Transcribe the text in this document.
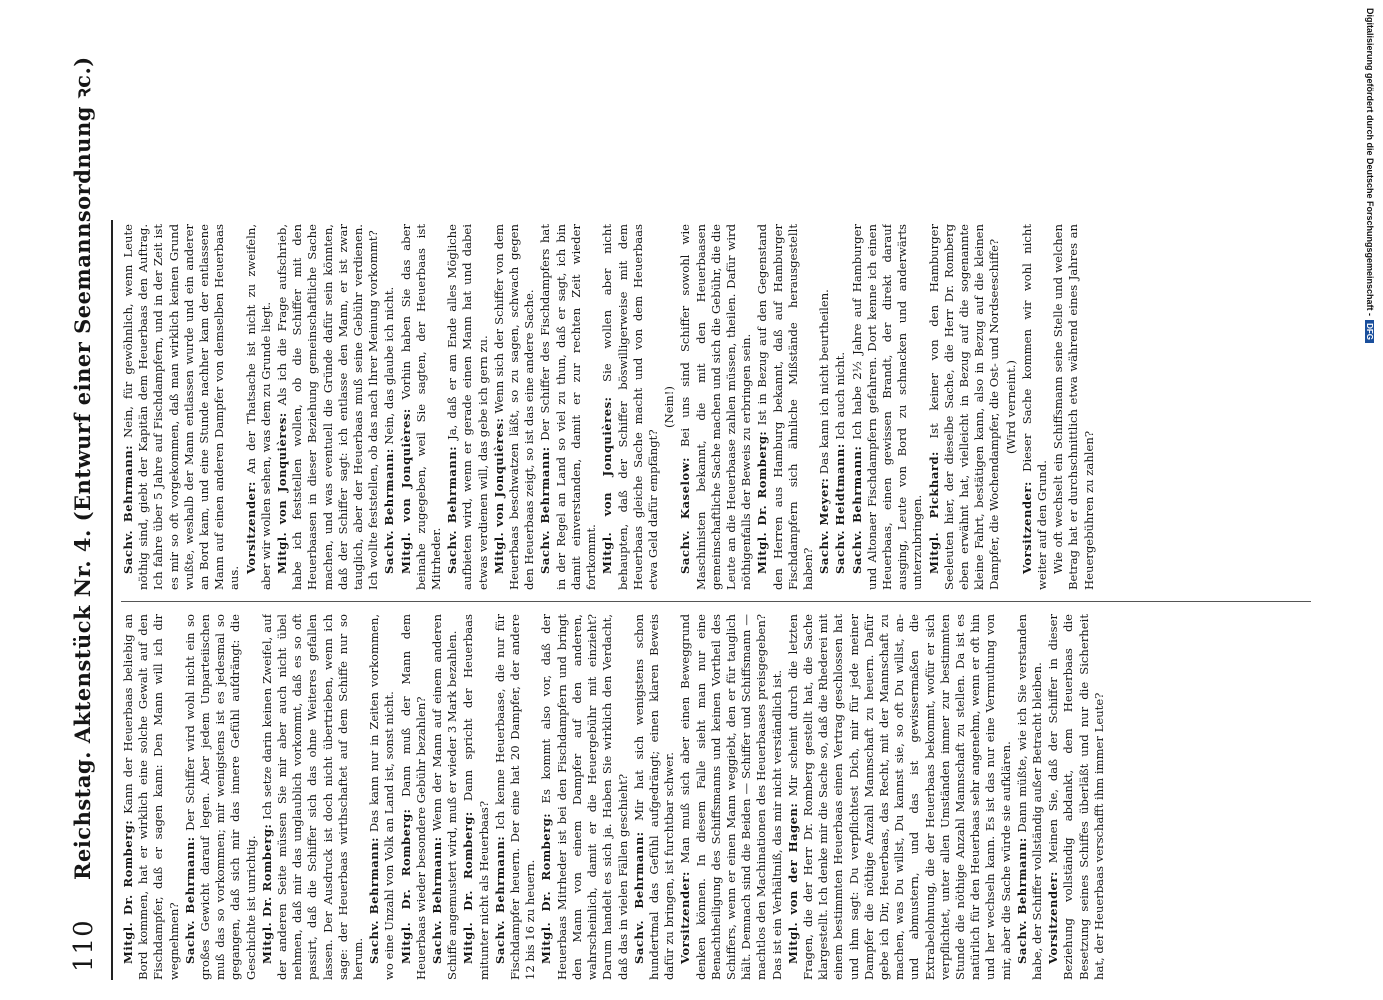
110
Reichstag. Aktenstück Nr. 4. (Entwurf einer Seemannsordnung ꝛc.)

Mitgl. Dr. Romberg: Kann der Heuerbaas beliebig an Bord kommen, hat er wirklich eine solche Gewalt auf den Fischdampfer, daß er sagen kann: Den Mann will ich dir wegnehmen? Sachv. Behrmann: Der Schiffer wird wohl nicht ein so großes Gewicht darauf legen. Aber jedem Unparteiischen muß das so vorkommen; mir wenigstens ist es jedesmal so gegangen, daß sich mir das innere Gefühl aufdrängt: die Geschichte ist unrichtig. Mitgl. Dr. Romberg: Ich setze darin keinen Zweifel, auf der anderen Seite müssen Sie mir aber auch nicht übel nehmen, daß mir das unglaublich vorkommt, daß es so oft passirt, daß die Schiffer sich das ohne Weiteres gefallen lassen. Der Ausdruck ist doch nicht übertrieben, wenn ich sage: der Heuerbaas wirthschaftet auf dem Schiffe nur so herum. Sachv. Behrmann: Das kann nur in Zeiten vorkommen, wo eine Unzahl von Volk an Land ist, sonst nicht. Mitgl. Dr. Romberg: Dann muß der Mann dem Heuerbaas wieder besondere Gebühr bezahlen? Sachv. Behrmann: Wenn der Mann auf einem anderen Schiffe angemustert wird, muß er wieder 3 Mark bezahlen. Mitgl. Dr. Romberg: Dann spricht der Heuerbaas mitunter nicht als Heuerbaas? Sachv. Behrmann: Ich kenne Heuerbaase, die nur für Fischdampfer heuern. Der eine hat 20 Dampfer, der andere 12 bis 16 zu heuern. Mitgl. Dr. Romberg: Es kommt also vor, daß der Heuerbaas Mitrheder ist bei den Fischdampfern und bringt den Mann von einem Dampfer auf den anderen, wahrscheinlich, damit er die Heuergebühr mit einzieht? Darum handelt es sich ja. Haben Sie wirklich den Verdacht, daß das in vielen Fällen geschieht? Sachv. Behrmann: Mir hat sich wenigstens schon hundertmal das Gefühl aufgedrängt; einen klaren Beweis dafür zu bringen, ist furchtbar schwer. Vorsitzender: Man muß sich aber einen Beweggrund denken können. In diesem Falle sieht man nur eine Benachtheiligung des Schiffsmanns und keinen Vortheil des Schiffers, wenn er einen Mann weggiebt, den er für tauglich hält. Demnach sind die Beiden — Schiffer und Schiffsmann — machtlos den Machinationen des Heuerbaases preisgegeben? Das ist ein Verhältniß, das mir nicht verständlich ist. Mitgl. von der Hagen: Mir scheint durch die letzten Fragen, die der Herr Dr. Romberg gestellt hat, die Sache klargestellt. Ich denke mir die Sache so, daß die Rhederei mit einem bestimmten Heuerbaas einen Vertrag geschlossen hat und ihm sagt: Du verpflichtest Dich, mir für jede meiner Dampfer die nöthige Anzahl Mannschaft zu heuern. Dafür gebe ich Dir, Heuerbaas, das Recht, mit der Mannschaft zu machen, was Du willst, Du kannst sie, so oft Du willst, an- und abmustern, und das ist gewissermaßen die Extrabelohnung, die der Heuerbaas bekommt, wofür er sich verpflichtet, unter allen Umständen immer zur bestimmten Stunde die nöthige Anzahl Mannschaft zu stellen. Da ist es natürlich für den Heuerbaas sehr angenehm, wenn er oft hin und her wechseln kann. Es ist das nur eine Vermuthung von mir, aber die Sache würde sie aufklären. Sachv. Behrmann: Dann müßte, wie ich Sie verstanden habe, der Schiffer vollständig außer Betracht bleiben. Vorsitzender: Meinen Sie, daß der Schiffer in dieser Beziehung vollständig abdankt, dem Heuerbaas die Besetzung seines Schiffes überläßt und nur die Sicherheit hat, der Heuerbaas verschafft ihm immer Leute?

Sachv. Behrmann: Nein, für gewöhnlich, wenn Leute nöthig sind, giebt der Kapitän dem Heuerbaas den Auftrag. Ich fahre über 5 Jahre auf Fischdampfern, und in der Zeit ist es mir so oft vorgekommen, daß man wirklich keinen Grund wußte, weshalb der Mann entlassen wurde und ein anderer an Bord kam, und eine Stunde nachher kam der entlassene Mann auf einen anderen Dampfer von demselben Heuerbaas aus.

Vorsitzender: An der Thatsache ist nicht zu zweifeln, aber wir wollen sehen, was dem zu Grunde liegt. Mitgl. von Jonquières: Als ich die Frage aufschrieb, habe ich feststellen wollen, ob die Schiffer mit den Heuerbaasen in dieser Beziehung gemeinschaftliche Sache machen, und was eventuell die Gründe dafür sein könnten, daß der Schiffer sagt: ich entlasse den Mann, er ist zwar tauglich, aber der Heuerbaas muß seine Gebühr verdienen. Ich wollte feststellen, ob das nach Ihrer Meinung vorkommt? Sachv. Behrmann: Nein, das glaube ich nicht.

Mitgl. von Jonquières: Vorhin haben Sie das aber beinahe zugegeben, weil Sie sagten, der Heuerbaas ist Mitrheder. Sachv. Behrmann: Ja, daß er am Ende alles Mögliche aufbieten wird, wenn er gerade einen Mann hat und dabei etwas verdienen will, das gebe ich gern zu. Mitgl. von Jonquières: Wenn sich der Schiffer von dem Heuerbaas beschwatzen läßt, so zu sagen, schwach gegen den Heuerbaas zeigt, so ist das eine andere Sache. Sachv. Behrmann: Der Schiffer des Fischdampfers hat in der Regel an Land so viel zu thun, daß er sagt, ich bin damit einverstanden, damit er zur rechten Zeit wieder fortkommt. Mitgl. von Jonquières: Sie wollen aber nicht behaupten, daß der Schiffer böswilligerweise mit dem Heuerbaas gleiche Sache macht und von dem Heuerbaas etwa Geld dafür empfängt?

(Nein!)

Sachv. Kaselow: Bei uns sind Schiffer sowohl wie Maschinisten bekannt, die mit den Heuerbaasen gemeinschaftliche Sache machen und sich die Gebühr, die die Leute an die Heuerbaase zahlen müssen, theilen. Dafür wird nöthigenfalls der Beweis zu erbringen sein. Mitgl. Dr. Romberg: Ist in Bezug auf den Gegenstand den Herren aus Hamburg bekannt, daß auf Hamburger Fischdampfern sich ähnliche Mißstände herausgestellt haben? Sachv. Meyer: Das kann ich nicht beurtheilen.

Sachv. Heidtmann: Ich auch nicht.

Sachv. Behrmann: Ich habe 2½ Jahre auf Hamburger und Altonaer Fischdampfern gefahren. Dort kenne ich einen Heuerbaas, einen gewissen Brandt, der direkt darauf ausging, Leute von Bord zu schnacken und anderwärts unterzubringen. Mitgl. Pickhard: Ist keiner von den Hamburger Seeleuten hier, der dieselbe Sache, die Herr Dr. Romberg eben erwähnt hat, vielleicht in Bezug auf die sogenannte kleine Fahrt, bestätigen kann, also in Bezug auf die kleinen Dampfer, die Wochendampfer, die Ost- und Nordseeschiffe? (Wird verneint.)

Vorsitzender: Dieser Sache kommen wir wohl nicht weiter auf den Grund. Wie oft wechselt ein Schiffsmann seine Stelle und welchen Betrag hat er durchschnittlich etwa während eines Jahres an Heuergebühren zu zahlen?

Digitalisierung gefördert durch die Deutsche Forschungsgemeinschaft -DFG
